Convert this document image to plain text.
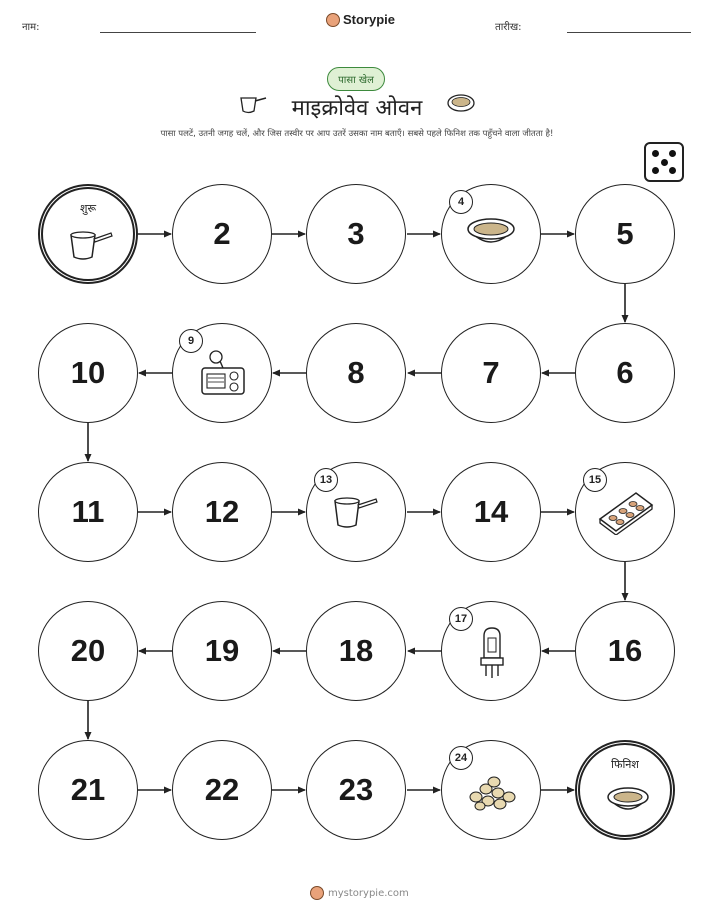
नाम:
Storypie
तारीख:
पासा खेल
माइक्रोवेव ओवन
पासा पलटें, उतनी जगह चलें, और जिस तस्वीर पर आप उतरें उसका नाम बताएँ। सबसे पहले फिनिश तक पहुँचने वाला जीतता है!
शुरू
2	3	5
10	8	7	6
11	12	14
20	19	18	16
21	22	23
फिनिश
4
9
13	15
17
24
mystorypie.com
